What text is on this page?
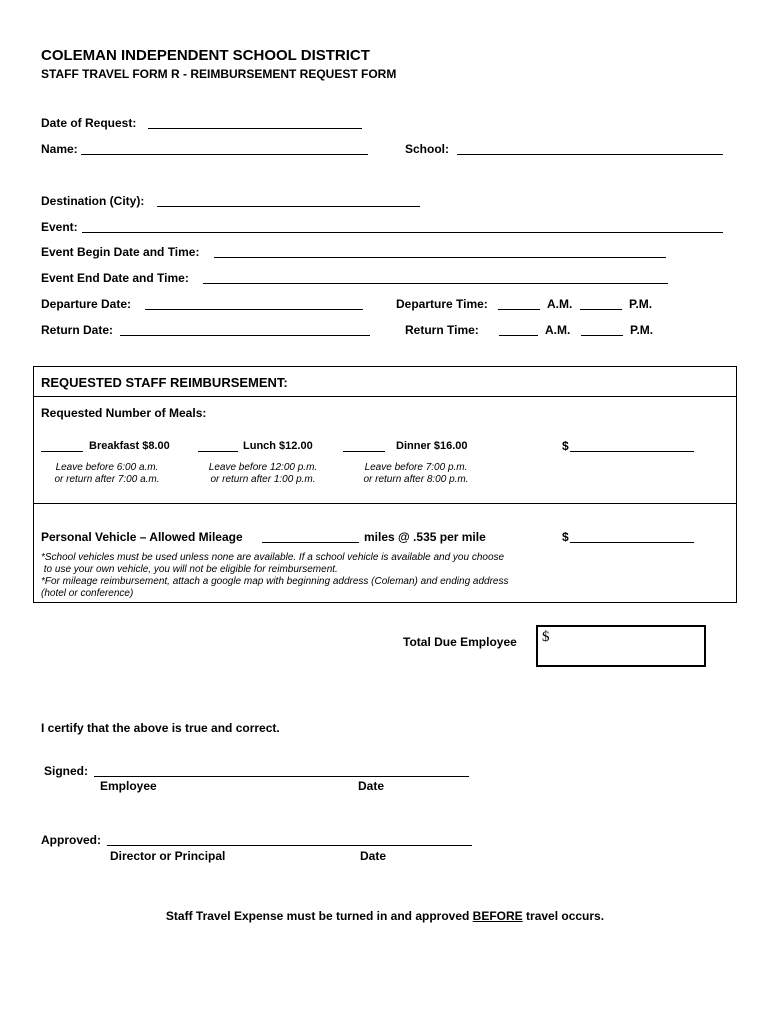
COLEMAN INDEPENDENT SCHOOL DISTRICT
STAFF TRAVEL FORM R - REIMBURSEMENT REQUEST FORM
Date of Request:
Name:	School:
Destination (City):
Event:
Event Begin Date and Time:
Event End Date and Time:
Departure Date:	Departure Time:	A.M.	P.M.
Return Date:	Return Time:	A.M.	P.M.
REQUESTED STAFF REIMBURSEMENT:
Requested Number of Meals:
Breakfast $8.00	Lunch $12.00	Dinner $16.00	$
Leave before 6:00 a.m.
or return after 7:00 a.m.
Leave before 12:00 p.m.
or return after 1:00 p.m.
Leave before 7:00 p.m.
or return after 8:00 p.m.
Personal Vehicle – Allowed Mileage	miles @ .535 per mile	$
*School vehicles must be used unless none are available. If a school vehicle is available and you choose
to use your own vehicle, you will not be eligible for reimbursement.
*For mileage reimbursement, attach a google map with beginning address (Coleman) and ending address
(hotel or conference)
Total Due Employee $
I certify that the above is true and correct.
Signed:
Employee	Date
Approved:
Director or Principal	Date
Staff Travel Expense must be turned in and approved BEFORE travel occurs.
